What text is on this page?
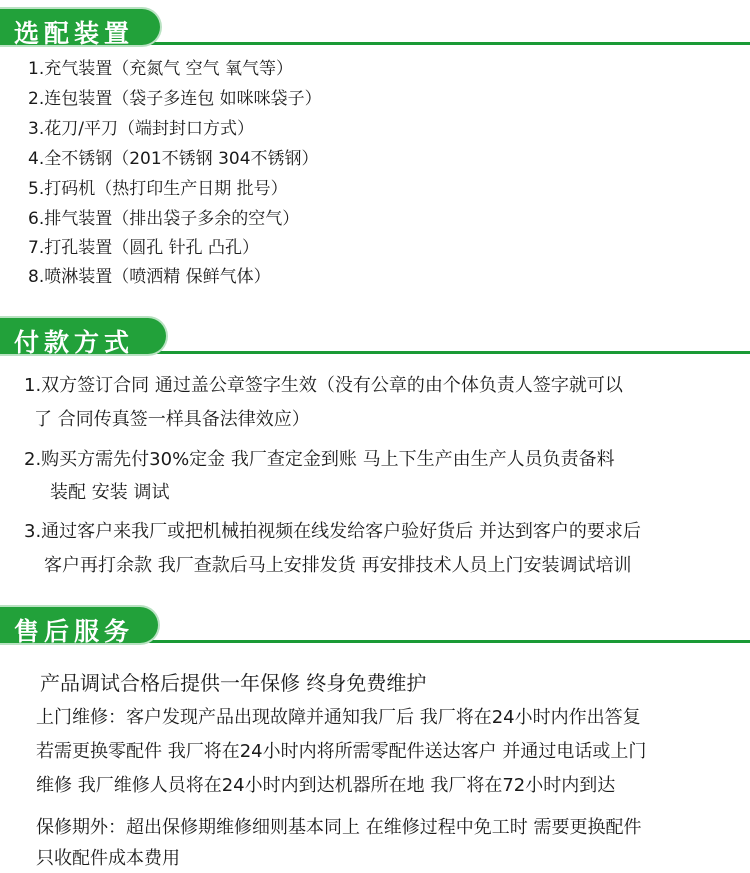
选配装置
1.充气装置（充氮气 空气 氧气等）
2.连包装置（袋子多连包 如咪咪袋子）
3.花刀/平刀（端封封口方式）
4.全不锈钢（201不锈钢 304不锈钢）
5.打码机（热打印生产日期 批号）
6.排气装置（排出袋子多余的空气）
7.打孔装置（圆孔 针孔 凸孔）
8.喷淋装置（喷洒精 保鲜气体）
付款方式
1.双方签订合同 通过盖公章签字生效（没有公章的由个体负责人签字就可以
了 合同传真签一样具备法律效应）
2.购买方需先付30%定金 我厂查定金到账 马上下生产由生产人员负责备料
装配 安装 调试
3.通过客户来我厂或把机械拍视频在线发给客户验好货后 并达到客户的要求后
客户再打余款 我厂查款后马上安排发货 再安排技术人员上门安装调试培训
售后服务
产品调试合格后提供一年保修 终身免费维护
上门维修：客户发现产品出现故障并通知我厂后 我厂将在24小时内作出答复
若需更换零配件 我厂将在24小时内将所需零配件送达客户 并通过电话或上门
维修 我厂维修人员将在24小时内到达机器所在地 我厂将在72小时内到达
保修期外：超出保修期维修细则基本同上 在维修过程中免工时 需要更换配件
只收配件成本费用
